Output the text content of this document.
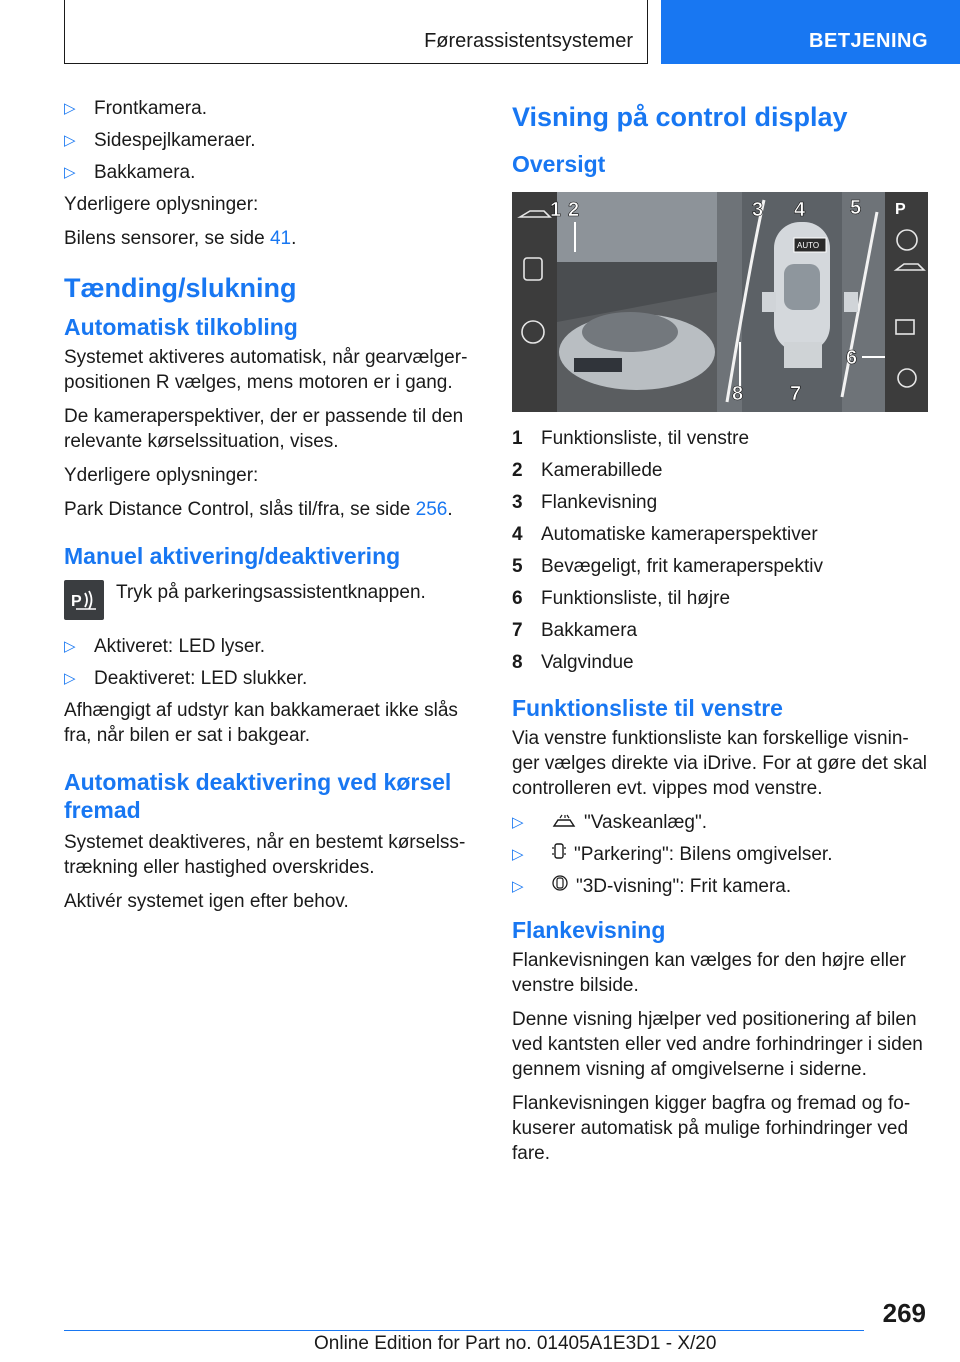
Førerassistentsystemer	BETJENING
▷ Frontkamera.
▷ Sidespejlkameraer.
▷ Bakkamera.

Yderligere oplysninger:

Bilens sensorer, se side 41.

Tænding/slukning
Automatisk tilkobling

Systemet aktiveres automatisk, når gearvælgerpositionen R vælges, mens motoren er i gang.

De kameraperspektiver, der er passende til den relevante kørselssituation, vises.

Yderligere oplysninger:

Park Distance Control, slås til/fra, se side 256.

Manuel aktivering/deaktivering
P Tryk på parkeringsassistentknappen.

▷ Aktiveret: LED lyser.
▷ Deaktiveret: LED slukker.

Afhængigt af udstyr kan bakkameraet ikke slås fra, når bilen er sat i bakgear.

Automatisk deaktivering ved kørsel fremad

Systemet deaktiveres, når en bestemt kørselsstrækning eller hastighed overskrides.

Aktivér systemet igen efter behov.

Visning på control display
Oversigt
AUTO
P
1 2	3 4 5
6
7
8
1 Funktionsliste, til venstre
2 Kamerabillede
3 Flankevisning
4 Automatiske kameraperspektiver
5 Bevægeligt, frit kameraperspektiv
6 Funktionsliste, til højre
7 Bakkamera
8 Valgvindue
Funktionsliste til venstre

Via venstre funktionsliste kan forskellige visninger vælges direkte via iDrive. For at gøre det skal controlleren evt. vippes mod venstre.

▷	"Vaskeanlæg".
▷	"Parkering": Bilens omgivelser.
▷	"3D-visning": Frit kamera.
Flankevisning

Flankevisningen kan vælges for den højre eller venstre bilside.

Denne visning hjælper ved positionering af bilen ved kantsten eller ved andre forhindringer i siden gennem visning af omgivelserne i siderne.

Flankevisningen kigger bagfra og fremad og fokuserer automatisk på mulige forhindringer ved fare.

269
Online Edition for Part no. 01405A1E3D1 - X/20
